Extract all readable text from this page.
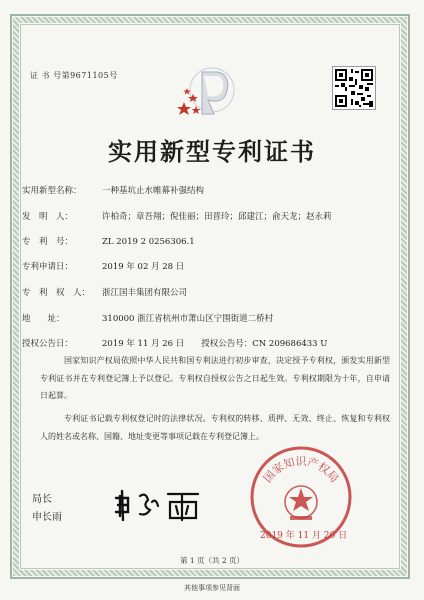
证 书 号第9671105号
实用新型专利证书
实用新型名称： 一种基坑止水帷幕补强结构
发　明　人：	许柏奇；章吾翔；倪佳丽；田晋玲；邱建江；俞天龙；赵永莉
专　利　号：	ZL 2019 2 0256306.1
专利申请日：	2019 年 02 月 28 日
专　利　权　人： 浙江国丰集团有限公司
地　　址：	310000 浙江省杭州市萧山区宁围街道二桥村
授权公告日：	2019 年 11 月 26 日　　授权公告号：CN 209686433 U
国家知识产权局依照中华人民共和国专利法进行初步审查，决定授予专利权，颁发实用新型专利证书并在专利登记簿上予以登记。专利权自授权公告之日起生效。专利权期限为十年，自申请日起算。
专利证书记载专利权登记时的法律状况。专利权的转移、质押、无效、终止、恢复和专利权人的姓名或名称、国籍、地址变更等事项记载在专利登记簿上。
局长
申长雨
国家知识产权局
2019 年 11 月 26 日
第 1 页（共 2 页）
其他事项参见背面
